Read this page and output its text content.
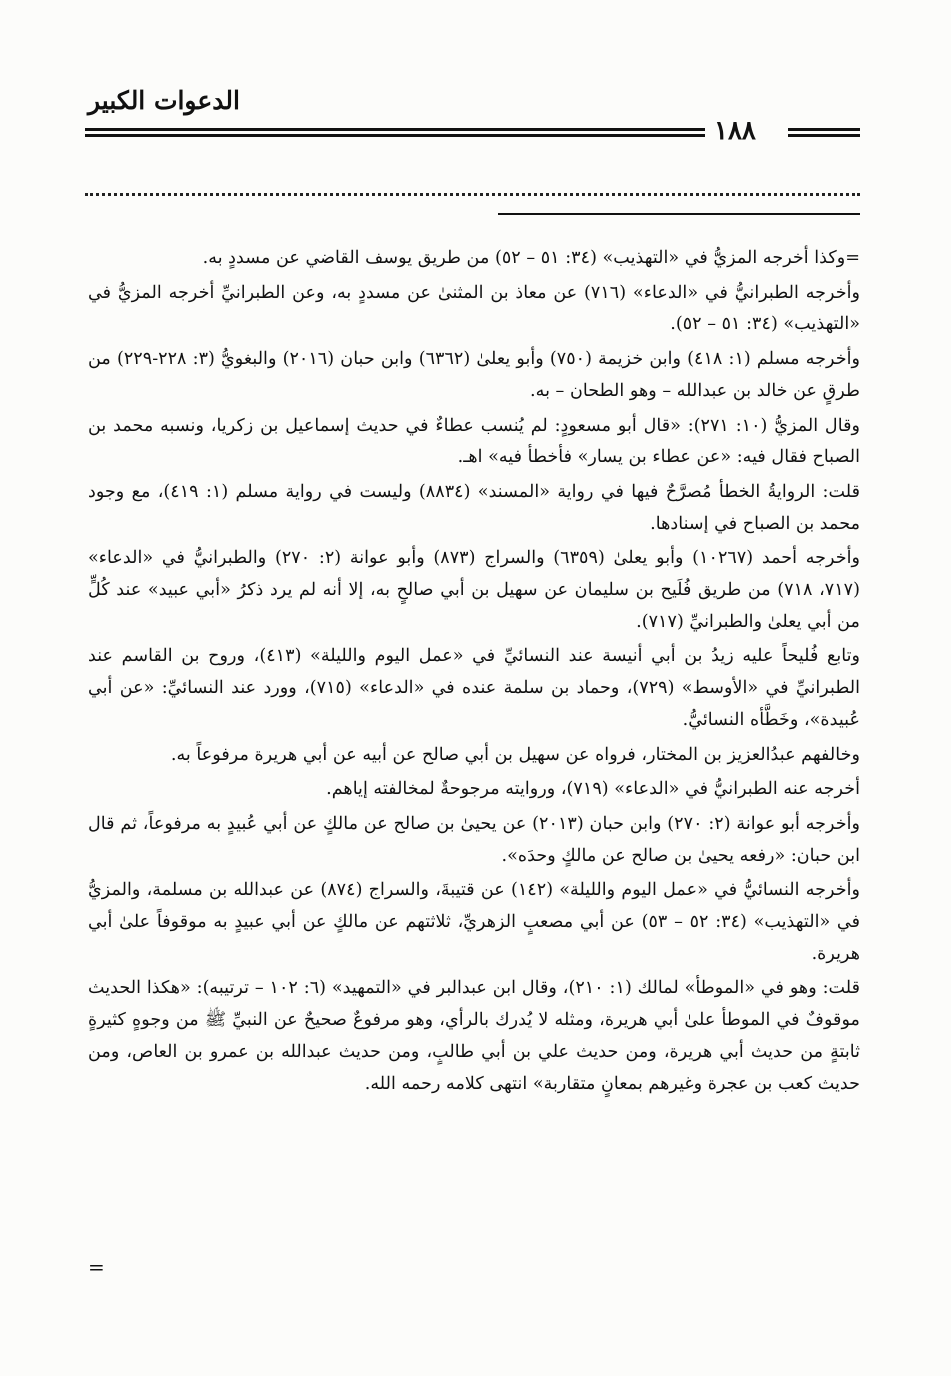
الدعوات الكبير
١٨٨

=وكذا أخرجه المزيُّ في «التهذيب» (٣٤: ٥١ – ٥٢) من طريق يوسف القاضي عن مسددٍ به.

وأخرجه الطبرانيُّ في «الدعاء» (٧١٦) عن معاذ بن المثنىٰ عن مسددٍ به، وعن الطبرانيِّ أخرجه المزيُّ في «التهذيب» (٣٤: ٥١ – ٥٢).

وأخرجه مسلم (١: ٤١٨) وابن خزيمة (٧٥٠) وأبو يعلىٰ (٦٣٦٢) وابن حبان (٢٠١٦) والبغويُّ (٣: ٢٢٨-٢٢٩) من طرقٍ عن خالد بن عبدالله – وهو الطحان – به.

وقال المزيُّ (١٠: ٢٧١): «قال أبو مسعودٍ: لم يُنسب عطاءٌ في حديث إسماعيل بن زكريا، ونسبه محمد بن الصباح فقال فيه: «عن عطاء بن يسار» فأخطأ فيه» اهـ.

قلت: الروايةُ الخطأ مُصرَّحٌ فيها في رواية «المسند» (٨٨٣٤) وليست في رواية مسلم (١: ٤١٩)، مع وجود محمد بن الصباح في إسنادها.

وأخرجه أحمد (١٠٢٦٧) وأبو يعلىٰ (٦٣٥٩) والسراج (٨٧٣) وأبو عوانة (٢: ٢٧٠) والطبرانيُّ في «الدعاء» (٧١٧، ٧١٨) من طريق فُلَيح بن سليمان عن سهيل بن أبي صالحٍ به، إلا أنه لم يرد ذكرُ «أبي عبيد» عند كُلٍّ من أبي يعلىٰ والطبرانيِّ (٧١٧).

وتابع فُليحاً عليه زيدُ بن أبي أنيسة عند النسائيِّ في «عمل اليوم والليلة» (٤١٣)، وروح بن القاسم عند الطبرانيِّ في «الأوسط» (٧٢٩)، وحماد بن سلمة عنده في «الدعاء» (٧١٥)، وورد عند النسائيِّ: «عن أبي عُبيدة»، وخَطَّأه النسائيُّ.

وخالفهم عبدُالعزيز بن المختار، فرواه عن سهيل بن أبي صالح عن أبيه عن أبي هريرة مرفوعاً به.

أخرجه عنه الطبرانيُّ في «الدعاء» (٧١٩)، وروايته مرجوحةٌ لمخالفته إياهم.

وأخرجه أبو عوانة (٢: ٢٧٠) وابن حبان (٢٠١٣) عن يحيىٰ بن صالح عن مالكٍ عن أبي عُبيدٍ به مرفوعاً، ثم قال ابن حبان: «رفعه يحيىٰ بن صالح عن مالكٍ وحدَه».

وأخرجه النسائيُّ في «عمل اليوم والليلة» (١٤٢) عن قتيبةَ، والسراج (٨٧٤) عن عبدالله بن مسلمة، والمزيُّ في «التهذيب» (٣٤: ٥٢ – ٥٣) عن أبي مصعبٍ الزهريِّ، ثلاثتهم عن مالكٍ عن أبي عبيدٍ به موقوفاً علىٰ أبي هريرة.

قلت: وهو في «الموطأ» لمالك (١: ٢١٠)، وقال ابن عبدالبر في «التمهيد» (٦: ١٠٢ – ترتيبه): «هكذا الحديث موقوفٌ في الموطأ علىٰ أبي هريرة، ومثله لا يُدرك بالرأي، وهو مرفوعٌ صحيحٌ عن النبيِّ ﷺ من وجوهٍ كثيرةٍ ثابتةٍ من حديث أبي هريرة، ومن حديث علي بن أبي طالبٍ، ومن حديث عبدالله بن عمرو بن العاص، ومن حديث كعب بن عجرة وغيرهم بمعانٍ متقاربة» انتهى كلامه رحمه الله.

=
